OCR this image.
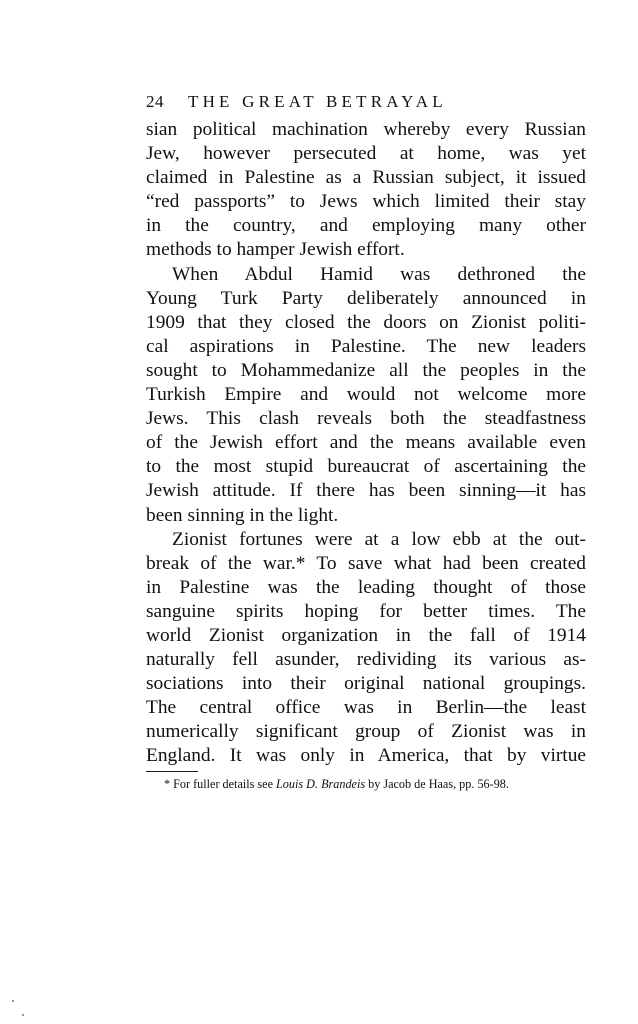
24 THE GREAT BETRAYAL
sian political machination whereby every Russian
Jew, however persecuted at home, was yet
claimed in Palestine as a Russian subject, it issued
“red passports” to Jews which limited their stay
in the country, and employing many other
methods to hamper Jewish effort.
When Abdul Hamid was dethroned the
Young Turk Party deliberately announced in
1909 that they closed the doors on Zionist politi-
cal aspirations in Palestine. The new leaders
sought to Mohammedanize all the peoples in the
Turkish Empire and would not welcome more
Jews. This clash reveals both the steadfastness
of the Jewish effort and the means available even
to the most stupid bureaucrat of ascertaining the
Jewish attitude. If there has been sinning—it has
been sinning in the light.
Zionist fortunes were at a low ebb at the out-
break of the war.* To save what had been created
in Palestine was the leading thought of those
sanguine spirits hoping for better times. The
world Zionist organization in the fall of 1914
naturally fell asunder, redividing its various as-
sociations into their original national groupings.
The central office was in Berlin—the least
numerically significant group of Zionist was in
England. It was only in America, that by virtue
* For fuller details see Louis D. Brandeis by Jacob de Haas, pp. 56-98.
